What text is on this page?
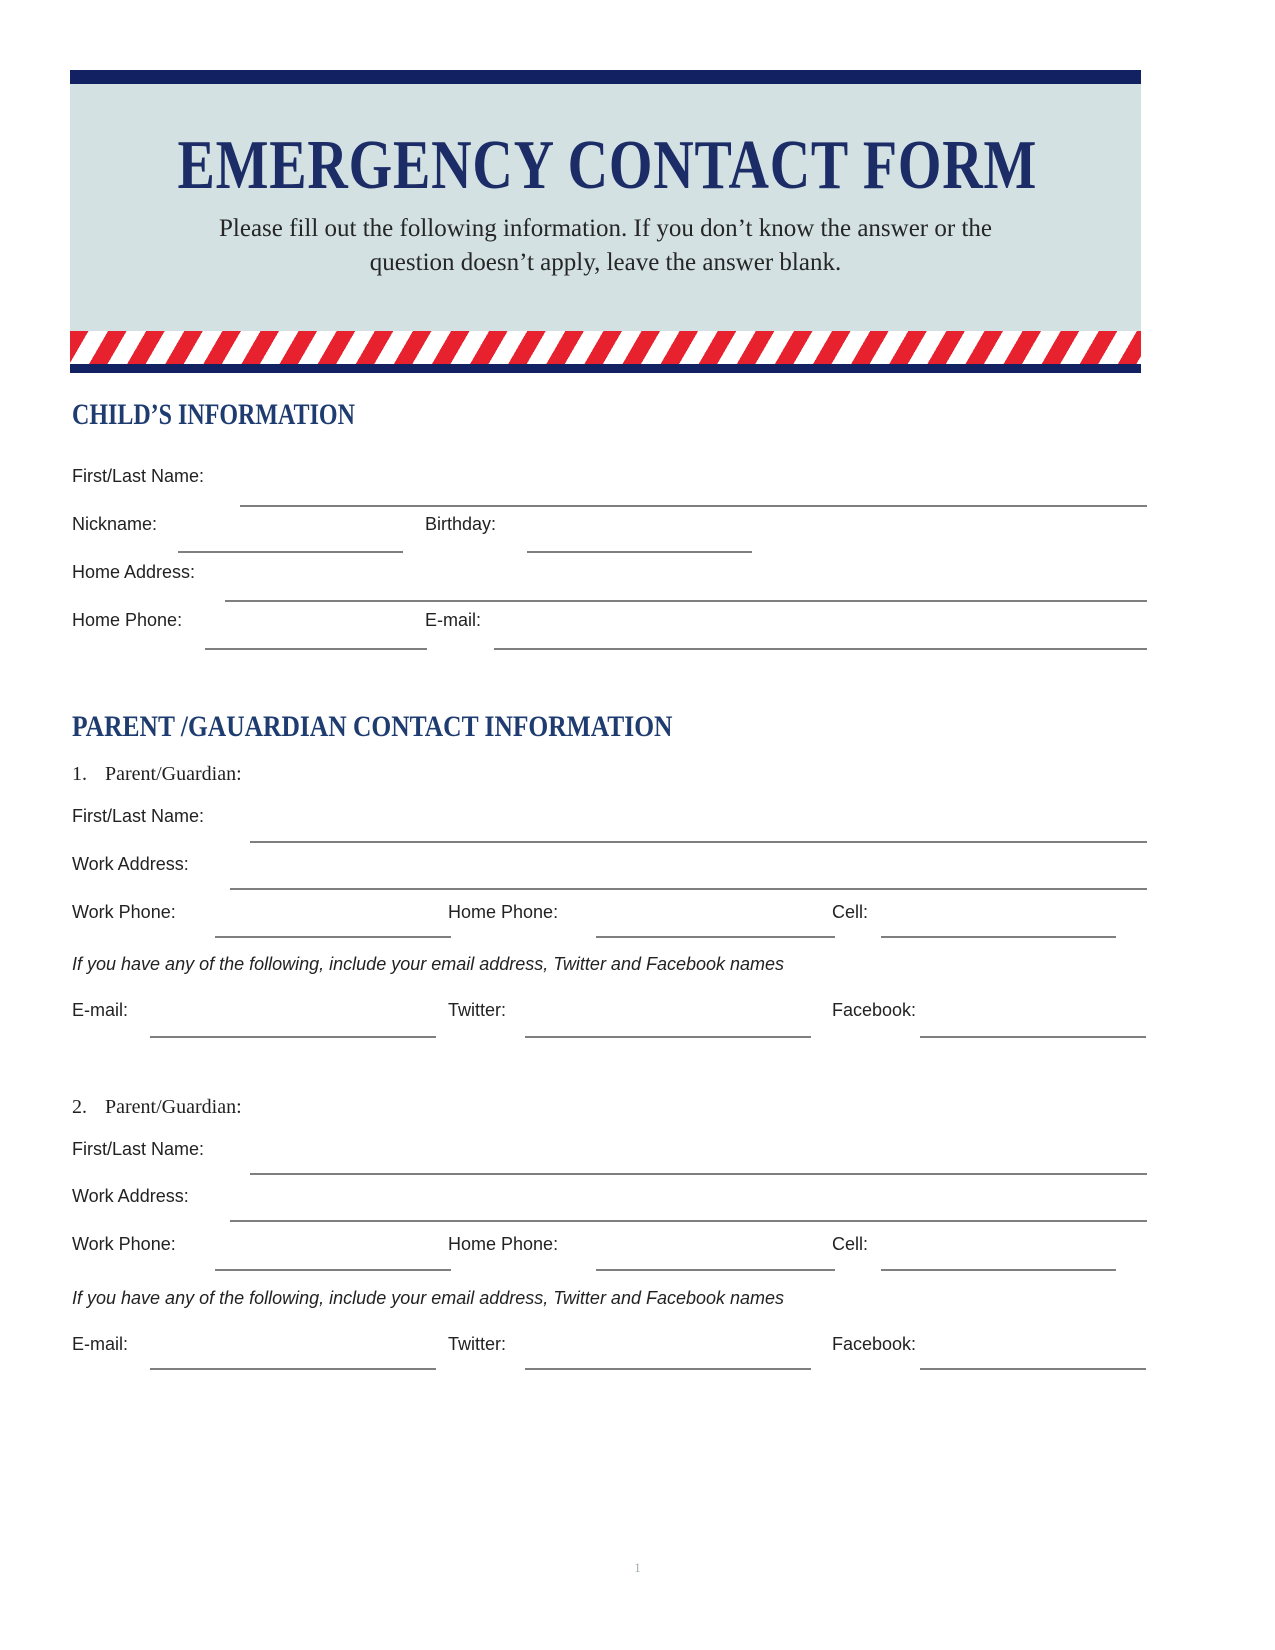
EMERGENCY CONTACT FORM
Please fill out the following information. If you don’t know the answer or the
question doesn’t apply, leave the answer blank.
CHILD’S INFORMATION
First/Last Name:
Nickname:	Birthday:
Home Address:
Home Phone:	E-mail:
PARENT /GAUARDIAN CONTACT INFORMATION
1. Parent/Guardian:
First/Last Name:
Work Address:
Work Phone:	Home Phone:	Cell:
If you have any of the following, include your email address, Twitter and Facebook names
E-mail:	Twitter:	Facebook:
2. Parent/Guardian:
First/Last Name:
Work Address:
Work Phone:	Home Phone:	Cell:
If you have any of the following, include your email address, Twitter and Facebook names
E-mail:	Twitter:	Facebook:
1
